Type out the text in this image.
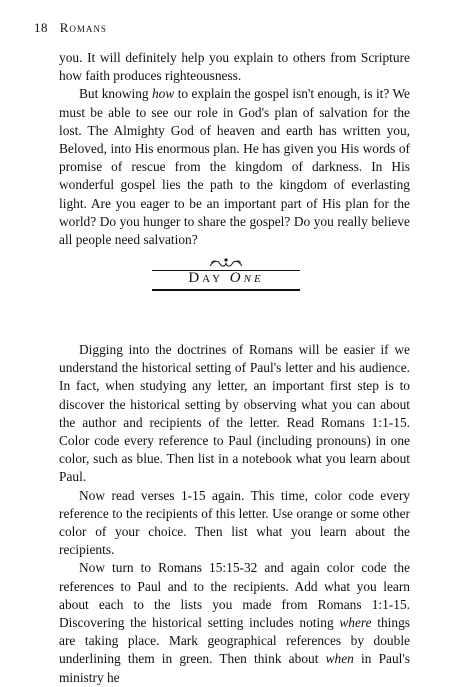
18 Romans

you. It will definitely help you explain to others from Scripture how faith produces righteousness.

But knowing how to explain the gospel isn't enough, is it? We must be able to see our role in God's plan of salvation for the lost. The Almighty God of heaven and earth has written you, Beloved, into His enormous plan. He has given you His words of promise of rescue from the kingdom of darkness. In His wonderful gospel lies the path to the kingdom of everlasting light. Are you eager to be an important part of His plan for the world? Do you hunger to share the gospel? Do you really believe all people need salvation?

Day One

Digging into the doctrines of Romans will be easier if we understand the historical setting of Paul's letter and his audience. In fact, when studying any letter, an important first step is to discover the historical setting by observing what you can about the author and recipients of the letter. Read Romans 1:1-15. Color code every reference to Paul (including pronouns) in one color, such as blue. Then list in a notebook what you learn about Paul.

Now read verses 1-15 again. This time, color code every reference to the recipients of this letter. Use orange or some other color of your choice. Then list what you learn about the recipients.

Now turn to Romans 15:15-32 and again color code the references to Paul and to the recipients. Add what you learn about each to the lists you made from Romans 1:1-15. Discovering the historical setting includes noting where things are taking place. Mark geographical references by double underlining them in green. Then think about when in Paul's ministry he
